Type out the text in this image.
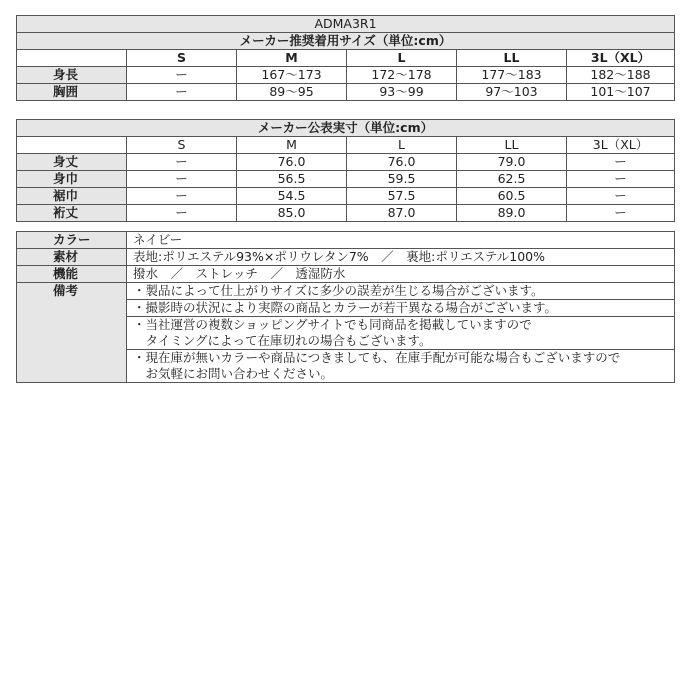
ADMA3R1					
メーカー推奨着用サイズ（単位:cm）					
	S	M	L	LL	3L（XL）
身長	ー	167〜173	172〜178	177〜183	182〜188
胸囲	ー	89〜95	93〜99	97〜103	101〜107
メーカー公表実寸（単位:cm）					
	S	M	L	LL	3L（XL）
身丈	ー	76.0	76.0	79.0	ー
身巾	ー	56.5	59.5	62.5	ー
裾巾	ー	54.5	57.5	60.5	ー
裄丈	ー	85.0	87.0	89.0	ー
カラー	ネイビー
素材	表地:ポリエステル93%×ポリウレタン7%　／　裏地:ポリエステル100%
機能	撥水　／　ストレッチ　／　透湿防水
備考	・製品によって仕上がりサイズに多少の誤差が生じる場合がございます。
	・撮影時の状況により実際の商品とカラーが若干異なる場合がございます。
	・当社運営の複数ショッピングサイトでも同商品を掲載していますので
	　タイミングによって在庫切れの場合もございます。
	・現在庫が無いカラーや商品につきましても、在庫手配が可能な場合もございますので
	　お気軽にお問い合わせください。
